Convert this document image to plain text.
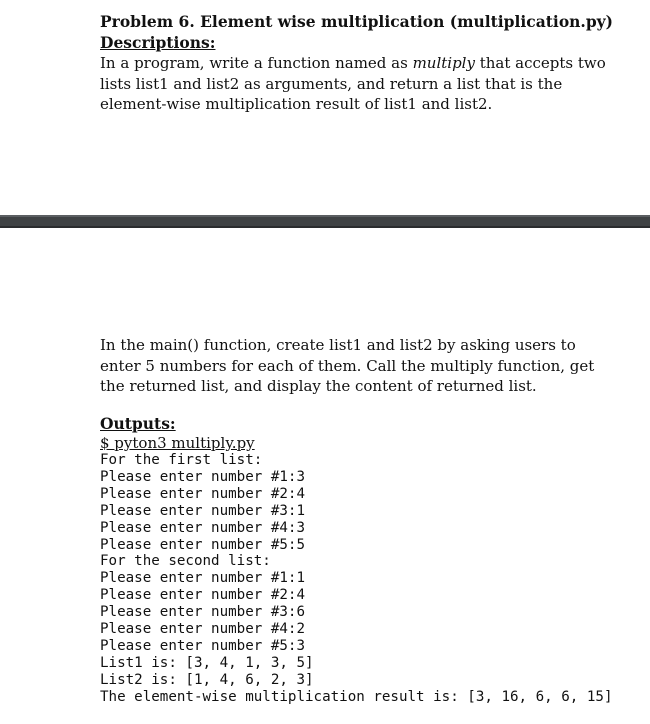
Problem 6. Element wise multiplication (multiplication.py)
Descriptions:

In a program, write a function named as multiply that accepts two lists list1 and list2 as arguments, and return a list that is the element-wise multiplication result of list1 and list2.

In the main() function, create list1 and list2 by asking users to enter 5 numbers for each of them. Call the multiply function, get the returned list, and display the content of returned list.

Outputs:

$ pyton3 multiply.py

For the first list:
Please enter number #1:3
Please enter number #2:4
Please enter number #3:1
Please enter number #4:3
Please enter number #5:5
For the second list:
Please enter number #1:1
Please enter number #2:4
Please enter number #3:6
Please enter number #4:2
Please enter number #5:3
List1 is: [3, 4, 1, 3, 5]
List2 is: [1, 4, 6, 2, 3]
The element-wise multiplication result is: [3, 16, 6, 6, 15]
